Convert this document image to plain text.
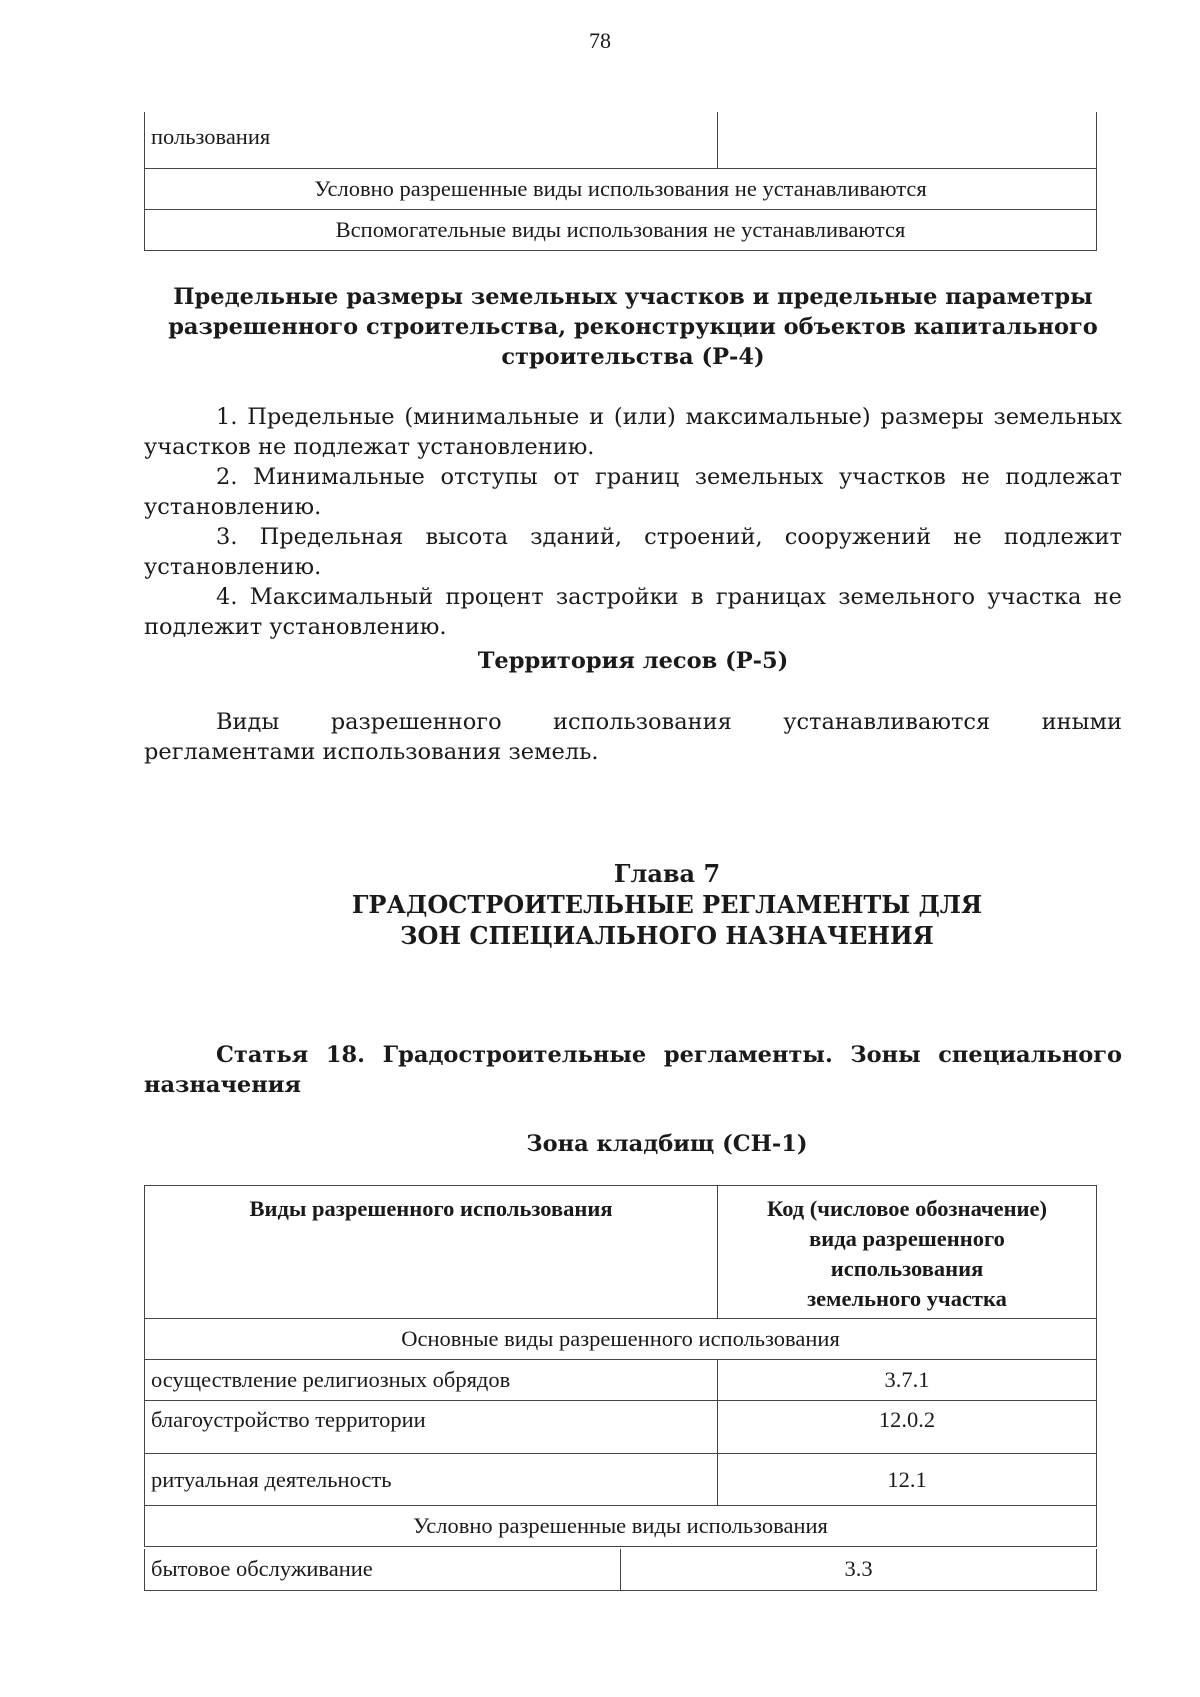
78
пользования	
Условно разрешенные виды использования не устанавливаются
Вспомогательные виды использования не устанавливаются
Предельные размеры земельных участков и предельные параметры
разрешенного строительства, реконструкции объектов капитального
строительства (Р-4)

1. Предельные (минимальные и (или) максимальные) размеры земельных участков не подлежат установлению.

2. Минимальные отступы от границ земельных участков не подлежат установлению.

3. Предельная высота зданий, строений, сооружений не подлежит установлению.

4. Максимальный процент застройки в границах земельного участка не подлежит установлению.

Территория лесов (Р-5)

Виды разрешенного использования устанавливаются иными регламентами использования земель.

Глава 7
ГРАДОСТРОИТЕЛЬНЫЕ РЕГЛАМЕНТЫ ДЛЯ
ЗОН СПЕЦИАЛЬНОГО НАЗНАЧЕНИЯ

Статья 18. Градостроительные регламенты. Зоны специального назначения

Зона кладбищ (СН-1)
Виды разрешенного использования	Код (числовое обозначение)
вида разрешенного
использования
земельного участка

Основные виды разрешенного использования	
осуществление религиозных обрядов	3.7.1
благоустройство территории	12.0.2
ритуальная деятельность	12.1
Условно разрешенные виды использования	
бытовое обслуживание	3.3
